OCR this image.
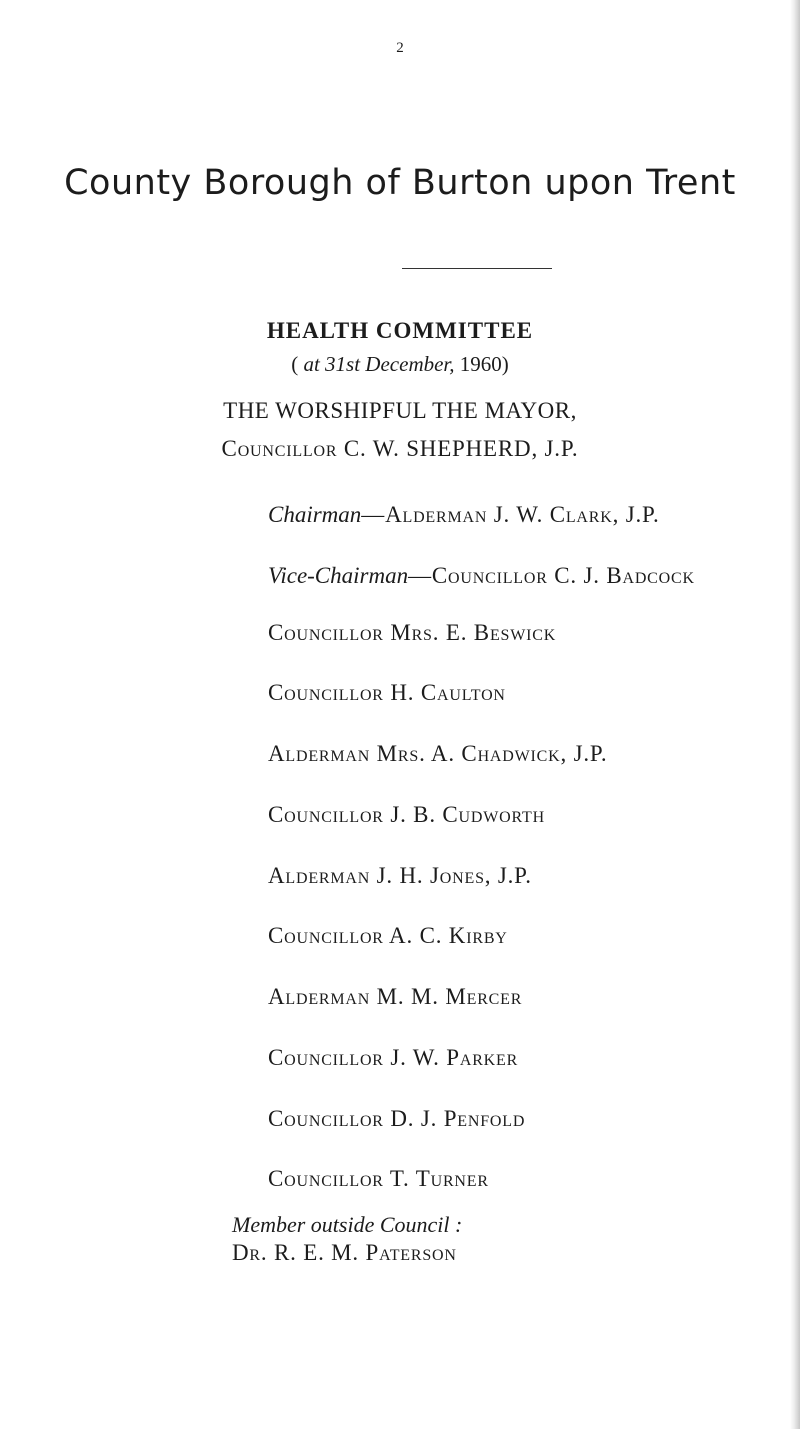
2
County Borough of Burton upon Trent
HEALTH COMMITTEE
( at 31st December, 1960)
THE WORSHIPFUL THE MAYOR,
Councillor C. W. SHEPHERD, J.P.
Chairman—Alderman J. W. Clark, J.P.
Vice-Chairman—Councillor C. J. Badcock
Councillor Mrs. E. Beswick
Councillor H. Caulton
Alderman Mrs. A. Chadwick, J.P.
Councillor J. B. Cudworth
Alderman J. H. Jones, J.P.
Councillor A. C. Kirby
Alderman M. M. Mercer
Councillor J. W. Parker
Councillor D. J. Penfold
Councillor T. Turner
Member outside Council :
Dr. R. E. M. Paterson
